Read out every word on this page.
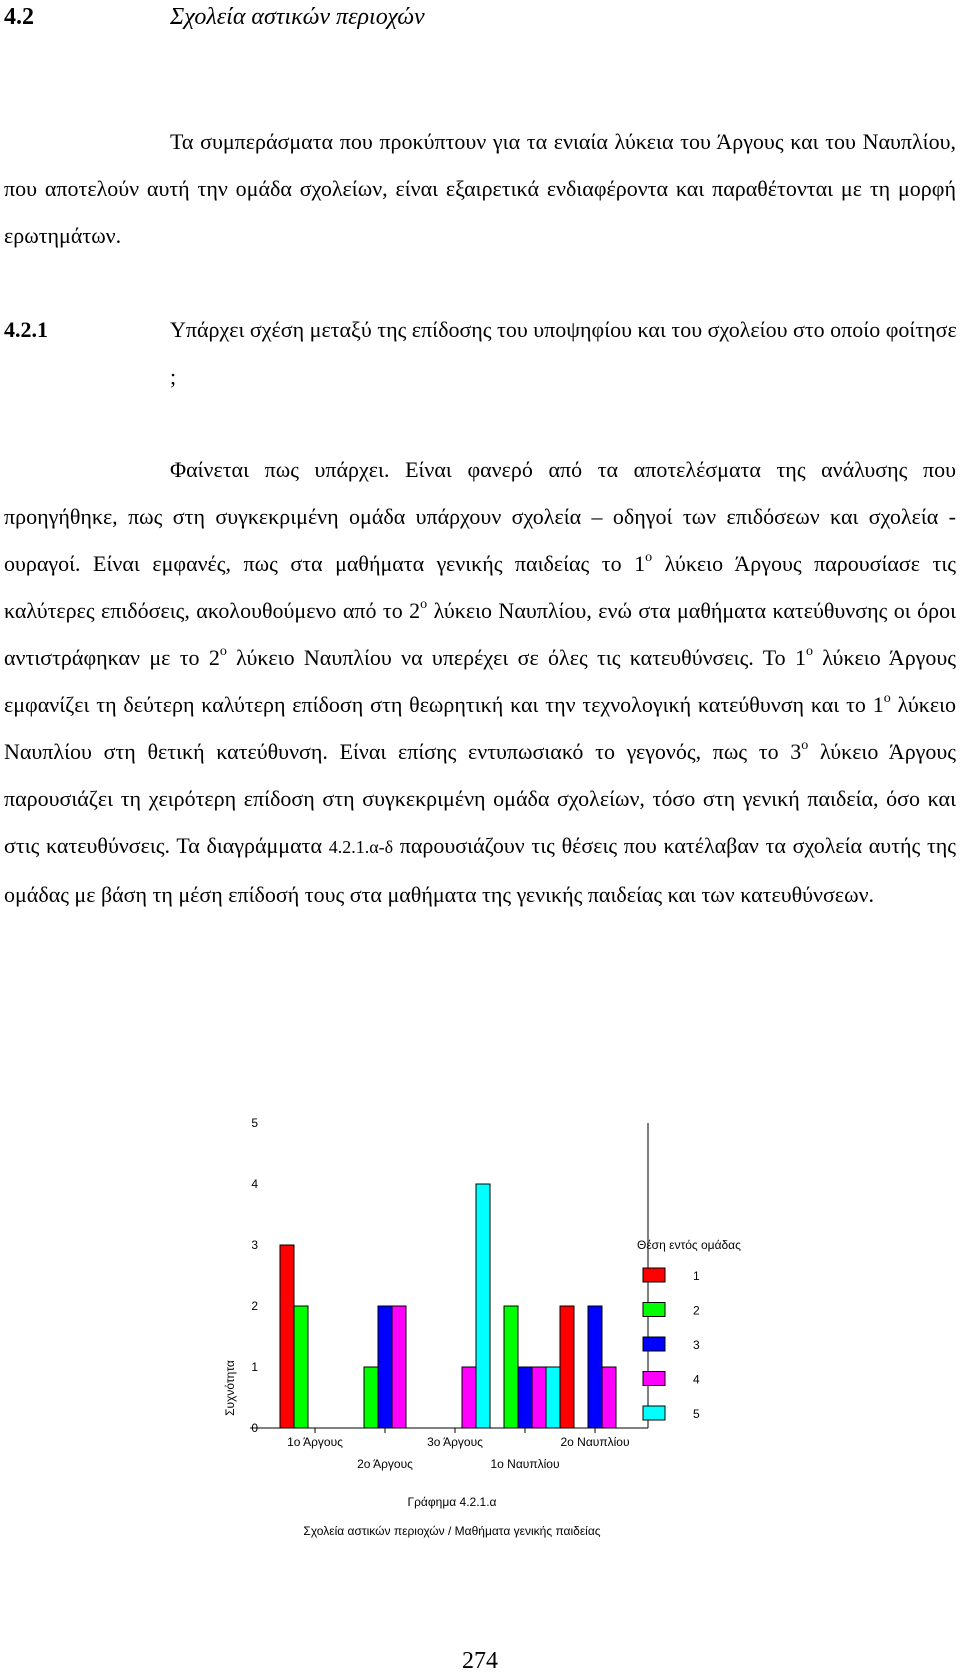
4.2	Σχολεία αστικών περιοχών
Τα συμπεράσματα που προκύπτουν για τα ενιαία λύκεια του Άργους και του Ναυπλίου, που αποτελούν αυτή την ομάδα σχολείων, είναι εξαιρετικά ενδιαφέροντα και παραθέτονται με τη μορφή ερωτημάτων.
4.2.1	Υπάρχει σχέση μεταξύ της επίδοσης του υποψηφίου και του σχολείου στο οποίο φοίτησε ;
Φαίνεται πως υπάρχει. Είναι φανερό από τα αποτελέσματα της ανάλυσης που προηγήθηκε, πως στη συγκεκριμένη ομάδα υπάρχουν σχολεία – οδηγοί των επιδόσεων και σχολεία - ουραγοί. Είναι εμφανές, πως στα μαθήματα γενικής παιδείας το $1^o$ λύκειο Άργους παρουσίασε τις καλύτερες επιδόσεις, ακολουθούμενο από το $2^o$ λύκειο Ναυπλίου, ενώ στα μαθήματα κατεύθυνσης οι όροι αντιστράφηκαν με το $2^o$ λύκειο Ναυπλίου να υπερέχει σε όλες τις κατευθύνσεις. Το $1^o$ λύκειο Άργους εμφανίζει τη δεύτερη καλύτερη επίδοση στη θεωρητική και την τεχνολογική κατεύθυνση και το $1^o$ λύκειο Ναυπλίου στη θετική κατεύθυνση. Είναι επίσης εντυπωσιακό το γεγονός, πως το $3^o$ λύκειο Άργους παρουσιάζει τη χειρότερη επίδοση στη συγκεκριμένη ομάδα σχολείων, τόσο στη γενική παιδεία, όσο και στις κατευθύνσεις. Τα διαγράμματα 4.2.1.α-δ παρουσιάζουν τις θέσεις που κατέλαβαν τα σχολεία αυτής της ομάδας με βάση τη μέση επίδοσή τους στα μαθήματα της γενικής παιδείας και των κατευθύνσεων.
0
1
2
3
4
5
1ο Άργους
2ο Άργους
3ο Άργους
1ο Ναυπλίου
2ο Ναυπλίου
Συχνότητα
Θέση εντός ομάδας
1
2
3
4
5
Γράφημα 4.2.1.α
Σχολεία αστικών περιοχών / Μαθήματα γενικής παιδείας
274
